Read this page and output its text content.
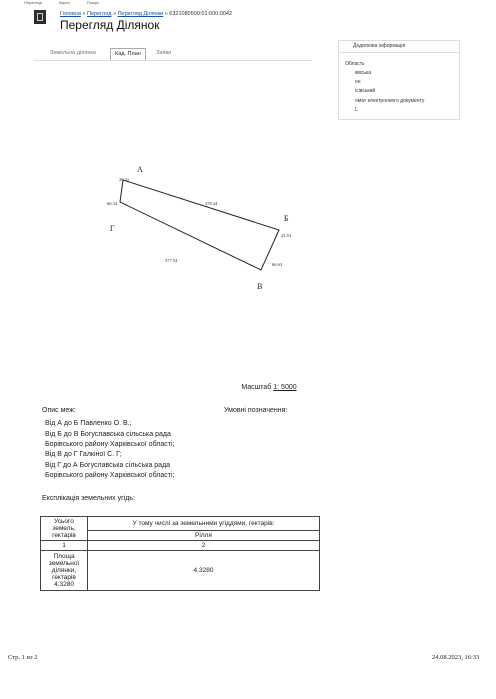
Перегляд	Карта	Пошук
Головна » Перегляд » Перегляд Ділянки » 6321080500:01:000:0042
Перегляд Ділянок
Земельна ділянка	Кад. План	Заяви
Додаткова інформація
Область
ківська
он
ісівський
омат електронного документу
L
А
Б
В
Г
378.24
23.53
377.54
66.34
26.31
66.63
Масштаб 1: 5000
Опис меж:	Умовні позначення:
Від А до Б Павленко О. В.;
Від Б до В Богуславська сільська рада
Борівського району Харківської області;
Від В до Г Галкіної С. Г;
Від Г до А Богуславська сільська рада
Борівського району Харківської області;
Експлікація земельних угідь:
Усього земель, гектарів	У тому числі за земельними угіддями, гектарів:
	Рілля
1	2
Площа земельної ділянки, гектарів 4.3280	4.3280
Стр. 1 из 2	24.08.2023, 16:33
